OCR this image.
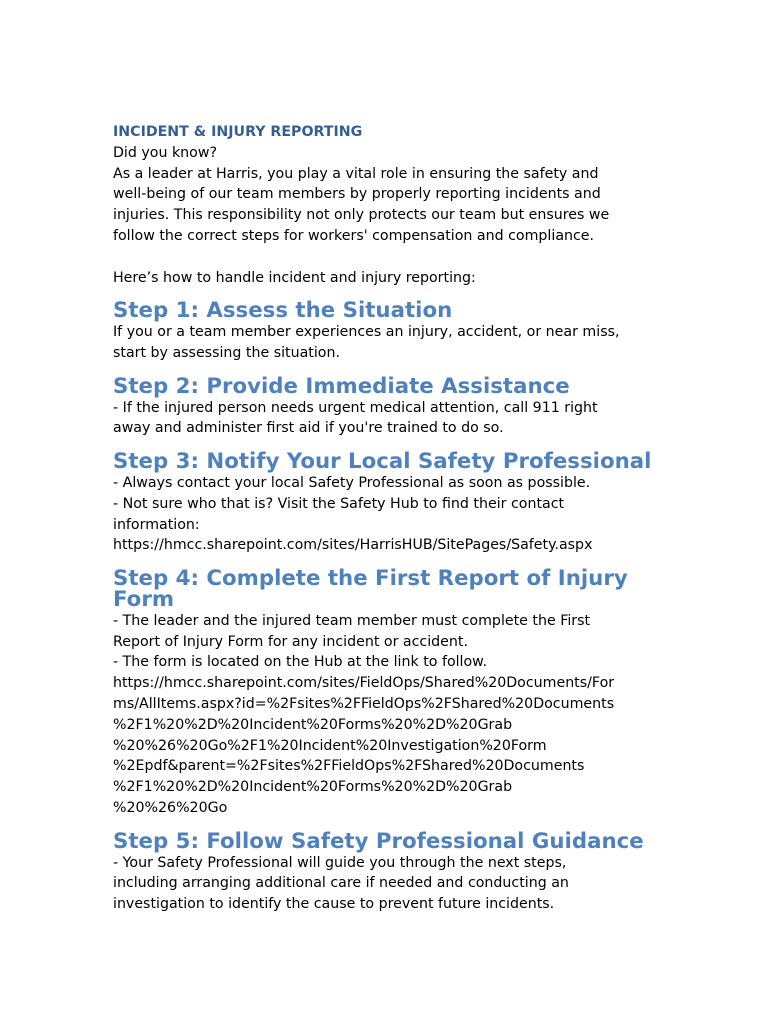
INCIDENT & INJURY REPORTING

Did you know?

As a leader at Harris, you play a vital role in ensuring the safety and
well-being of our team members by properly reporting incidents and
injuries. This responsibility not only protects our team but ensures we
follow the correct steps for workers' compensation and compliance.

Here’s how to handle incident and injury reporting:

Step 1: Assess the Situation

If you or a team member experiences an injury, accident, or near miss,
start by assessing the situation.

Step 2: Provide Immediate Assistance

- If the injured person needs urgent medical attention, call 911 right
away and administer first aid if you're trained to do so.

Step 3: Notify Your Local Safety Professional

- Always contact your local Safety Professional as soon as possible.

- Not sure who that is? Visit the Safety Hub to find their contact
information:

https://hmcc.sharepoint.com/sites/HarrisHUB/SitePages/Safety.aspx

Step 4: Complete the First Report of Injury Form

- The leader and the injured team member must complete the First
Report of Injury Form for any incident or accident.

- The form is located on the Hub at the link to follow.

https://hmcc.sharepoint.com/sites/FieldOps/Shared%20Documents/For
ms/AllItems.aspx?id=%2Fsites%2FFieldOps%2FShared%20Documents
%2F1%20%2D%20Incident%20Forms%20%2D%20Grab
%20%26%20Go%2F1%20Incident%20Investigation%20Form
%2Epdf&parent=%2Fsites%2FFieldOps%2FShared%20Documents
%2F1%20%2D%20Incident%20Forms%20%2D%20Grab
%20%26%20Go

Step 5: Follow Safety Professional Guidance

- Your Safety Professional will guide you through the next steps,
including arranging additional care if needed and conducting an
investigation to identify the cause to prevent future incidents.
